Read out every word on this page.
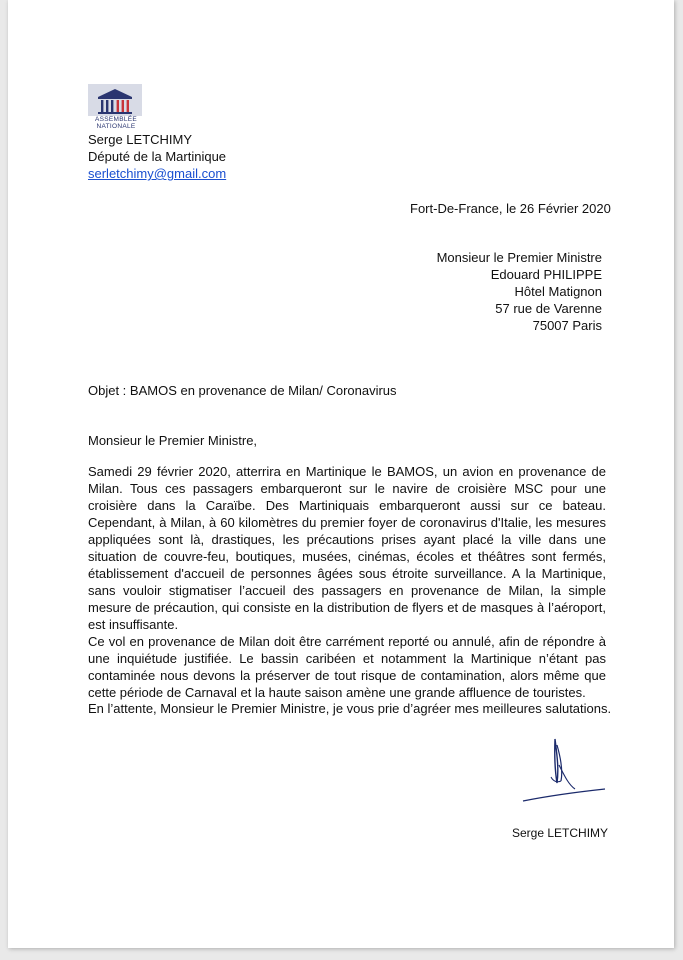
ASSEMBLÉE
NATIONALE
Serge LETCHIMY
Député de la Martinique
serletchimy@gmail.com
Fort-De-France, le 26 Février 2020
Monsieur le Premier Ministre
Edouard PHILIPPE
Hôtel Matignon
57 rue de Varenne
75007 Paris
Objet : BAMOS en provenance de Milan/ Coronavirus
Monsieur le Premier Ministre,

Samedi 29 février 2020, atterrira en Martinique le BAMOS, un avion en provenance de Milan. Tous ces passagers embarqueront sur le navire de croisière MSC pour une croisière dans la Caraïbe. Des Martiniquais embarqueront aussi sur ce bateau. Cependant, à Milan, à 60 kilomètres du premier foyer de coronavirus d'Italie, les mesures appliquées sont là, drastiques, les précautions prises ayant placé la ville dans une situation de couvre-feu, boutiques, musées, cinémas, écoles et théâtres sont fermés, établissement d'accueil de personnes âgées sous étroite surveillance. A la Martinique, sans vouloir stigmatiser l’accueil des passagers en provenance de Milan, la simple mesure de précaution, qui consiste en la distribution de flyers et de masques à l’aéroport, est insuffisante.

Ce vol en provenance de Milan doit être carrément reporté ou annulé, afin de répondre à une inquiétude justifiée. Le bassin caribéen et notamment la Martinique n’étant pas contaminée nous devons la préserver de tout risque de contamination, alors même que cette période de Carnaval et la haute saison amène une grande affluence de touristes.

En l’attente, Monsieur le Premier Ministre, je vous prie d’agréer mes meilleures salutations.
Serge LETCHIMY
